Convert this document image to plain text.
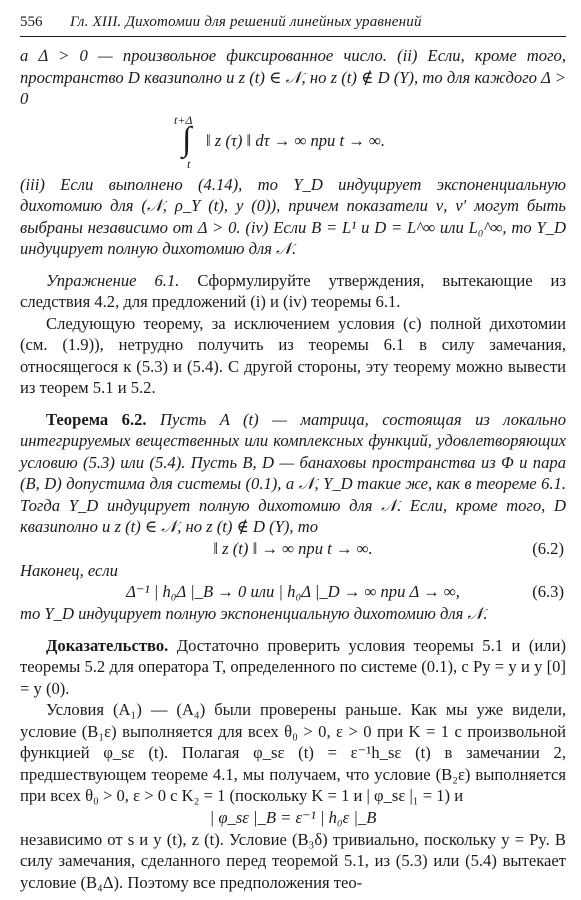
556 Гл. XIII. Дихотомии для решений линейных уравнений

а Δ > 0 — произвольное фиксированное число. (ii) Если, кроме того, пространство D квазиполно и z (t) ∈ 𝒩, но z (t) ∉ D (Y), то для каждого Δ > 0

t+Δ
∫
t
‖ z (τ) ‖ dτ → ∞ при t → ∞.

(iii) Если выполнено (4.14), то Y_D индуцирует экспоненциальную дихотомию для (𝒩, ρ_Y (t), y (0)), причем показатели ν, ν′ могут быть выбраны независимо от Δ > 0. (iv) Если B = L¹ и D = L^∞ или L₀^∞, то Y_D индуцирует полную дихотомию для 𝒩.

Упражнение 6.1. Сформулируйте утверждения, вытекающие из следствия 4.2, для предложений (i) и (iv) теоремы 6.1.

Следующую теорему, за исключением условия (c) полной дихотомии (см. (1.9)), нетрудно получить из теоремы 6.1 в силу замечания, относящегося к (5.3) и (5.4). С другой стороны, эту теорему можно вывести из теорем 5.1 и 5.2.

Теорема 6.2. Пусть A (t) — матрица, состоящая из локально интегрируемых вещественных или комплексных функций, удовлетворяющих условию (5.3) или (5.4). Пусть B, D — банаховы пространства из Φ и пара (B, D) допустима для системы (0.1), а 𝒩, Y_D такие же, как в теореме 6.1. Тогда Y_D индуцирует полную дихотомию для 𝒩. Если, кроме того, D квазиполно и z (t) ∈ 𝒩, но z (t) ∉ D (Y), то

‖ z (t) ‖ → ∞ при t → ∞.	(6.2)

Наконец, если

Δ⁻¹ | h₀Δ |_B → 0 или | h₀Δ |_D → ∞ при Δ → ∞,	(6.3)

то Y_D индуцирует полную экспоненциальную дихотомию для 𝒩.

Доказательство. Достаточно проверить условия теоремы 5.1 и (или) теоремы 5.2 для оператора T, определенного по системе (0.1), с Py = y и y [0] = y (0).

Условия (A₁) — (A₄) были проверены раньше. Как мы уже видели, условие (B₁ε) выполняется для всех θ₀ > 0, ε > 0 при K = 1 с произвольной функцией φ_sε (t). Полагая φ_sε (t) = ε⁻¹h_sε (t) в замечании 2, предшествующем теореме 4.1, мы получаем, что условие (B₂ε) выполняется при всех θ₀ > 0, ε > 0 с K₂ = 1 (поскольку K = 1 и | φ_sε |₁ = 1) и

| φ_sε |_B = ε⁻¹ | h₀ε |_B

независимо от s и y (t), z (t). Условие (B₃δ) тривиально, поскольку y = Py. В силу замечания, сделанного перед теоремой 5.1, из (5.3) или (5.4) вытекает условие (B₄Δ). Поэтому все предположения тео-
